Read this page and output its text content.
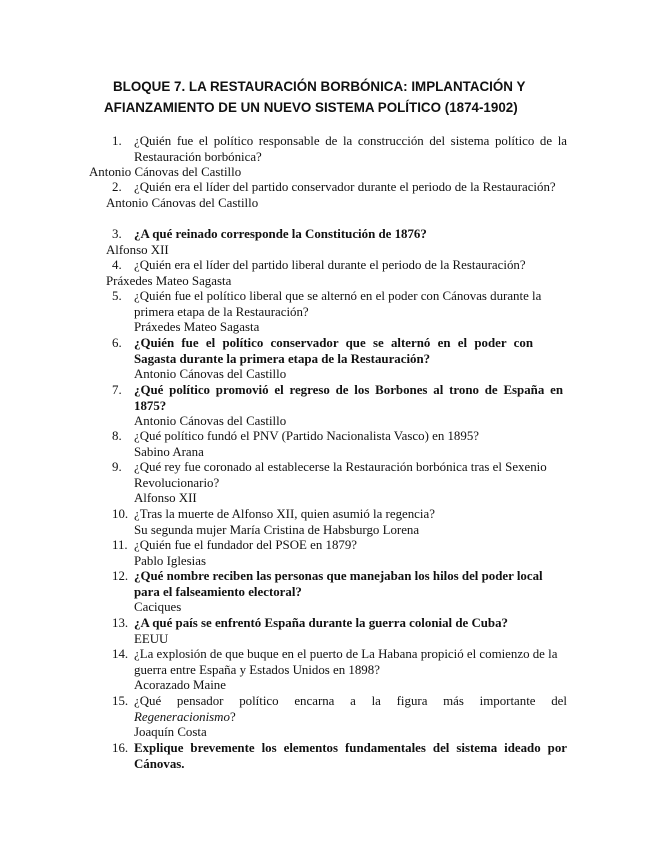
BLOQUE 7. LA RESTAURACIÓN BORBÓNICA: IMPLANTACIÓN Y
AFIANZAMIENTO DE UN NUEVO SISTEMA POLÍTICO (1874-1902)
1. ¿Quién fue el político responsable de la construcción del sistema político de la Restauración borbónica?
Antonio Cánovas del Castillo
2. ¿Quién era el líder del partido conservador durante el periodo de la Restauración?
Antonio Cánovas del Castillo
3. ¿A qué reinado corresponde la Constitución de 1876?
Alfonso XII
4. ¿Quién era el líder del partido liberal durante el periodo de la Restauración?
Práxedes Mateo Sagasta
5. ¿Quién fue el político liberal que se alternó en el poder con Cánovas durante la primera etapa de la Restauración?
Práxedes Mateo Sagasta
6. ¿Quién fue el político conservador que se alternó en el poder con Sagasta durante la primera etapa de la Restauración?
Antonio Cánovas del Castillo
7. ¿Qué político promovió el regreso de los Borbones al trono de España en 1875?
Antonio Cánovas del Castillo
8. ¿Qué político fundó el PNV (Partido Nacionalista Vasco) en 1895?
Sabino Arana
9. ¿Qué rey fue coronado al establecerse la Restauración borbónica tras el Sexenio Revolucionario?
Alfonso XII
10. ¿Tras la muerte de Alfonso XII, quien asumió la regencia?
Su segunda mujer María Cristina de Habsburgo Lorena
11. ¿Quién fue el fundador del PSOE en 1879?
Pablo Iglesias
12. ¿Qué nombre reciben las personas que manejaban los hilos del poder local para el falseamiento electoral?
Caciques
13. ¿A qué país se enfrentó España durante la guerra colonial de Cuba?
EEUU
14. ¿La explosión de que buque en el puerto de La Habana propició el comienzo de la guerra entre España y Estados Unidos en 1898?
Acorazado Maine
15. ¿Qué pensador político encarna a la figura más importante del
Regeneracionismo?
Joaquín Costa
16. Explique brevemente los elementos fundamentales del sistema ideado por Cánovas.
